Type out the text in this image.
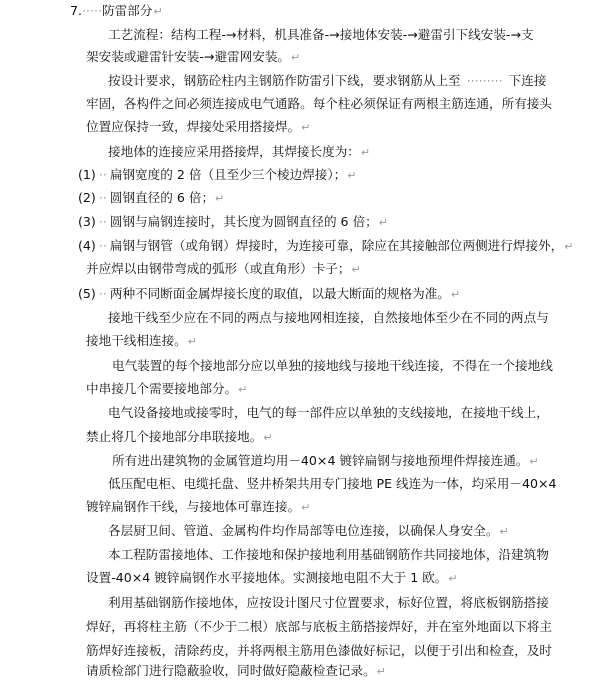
7.·····防雷部分↵
工艺流程：结构工程-→材料，机具准备-→接地体安装-→避雷引下线安装-→支
架安装或避雷针安装-→避雷网安装。↵
按设计要求，钢筋砼柱内主钢筋作防雷引下线，要求钢筋从上至 ········· 下连接
牢固，各构件之间必须连接成电气通路。每个柱必须保证有两根主筋连通，所有接头
位置应保持一致，焊接处采用搭接焊。↵
接地体的连接应采用搭接焊，其焊接长度为：↵
(1) ·· 扁钢宽度的 2 倍（且至少三个棱边焊接）；↵
(2) ·· 圆钢直径的 6 倍；↵
(3) ·· 圆钢与扁钢连接时，其长度为圆钢直径的 6 倍；↵
(4) ·· 扁钢与钢管（或角钢）焊接时，为连接可靠，除应在其接触部位两侧进行焊接外，↵
并应焊以由钢带弯成的弧形（或直角形）卡子；↵
(5) ·· 两种不同断面金属焊接长度的取值，以最大断面的规格为准。↵
接地干线至少应在不同的两点与接地网相连接，自然接地体至少在不同的两点与
接地干线相连接。↵
电气装置的每个接地部分应以单独的接地线与接地干线连接，不得在一个接地线
中串接几个需要接地部分。↵
电气设备接地或接零时，电气的每一部件应以单独的支线接地，在接地干线上，
禁止将几个接地部分串联接地。↵
所有进出建筑物的金属管道均用－40×4 镀锌扁钢与接地预埋件焊接连通。↵
低压配电柜、电缆托盘、竖井桥架共用专门接地 PE 线连为一体，均采用－40×4
镀锌扁钢作干线，与接地体可靠连接。↵
各层厨卫间、管道、金属构件均作局部等电位连接，以确保人身安全。↵
本工程防雷接地体、工作接地和保护接地利用基础钢筋作共同接地体，沿建筑物
设置-40×4 镀锌扁钢作水平接地体。实测接地电阻不大于 1 欧。↵
利用基础钢筋作接地体，应按设计图尺寸位置要求，标好位置，将底板钢筋搭接
焊好，再将柱主筋（不少于二根）底部与底板主筋搭接焊好，并在室外地面以下将主
筋焊好连接板，清除药皮，并将两根主筋用色漆做好标记，以便于引出和检查，及时
请质检部门进行隐蔽验收，同时做好隐蔽检查记录。↵
